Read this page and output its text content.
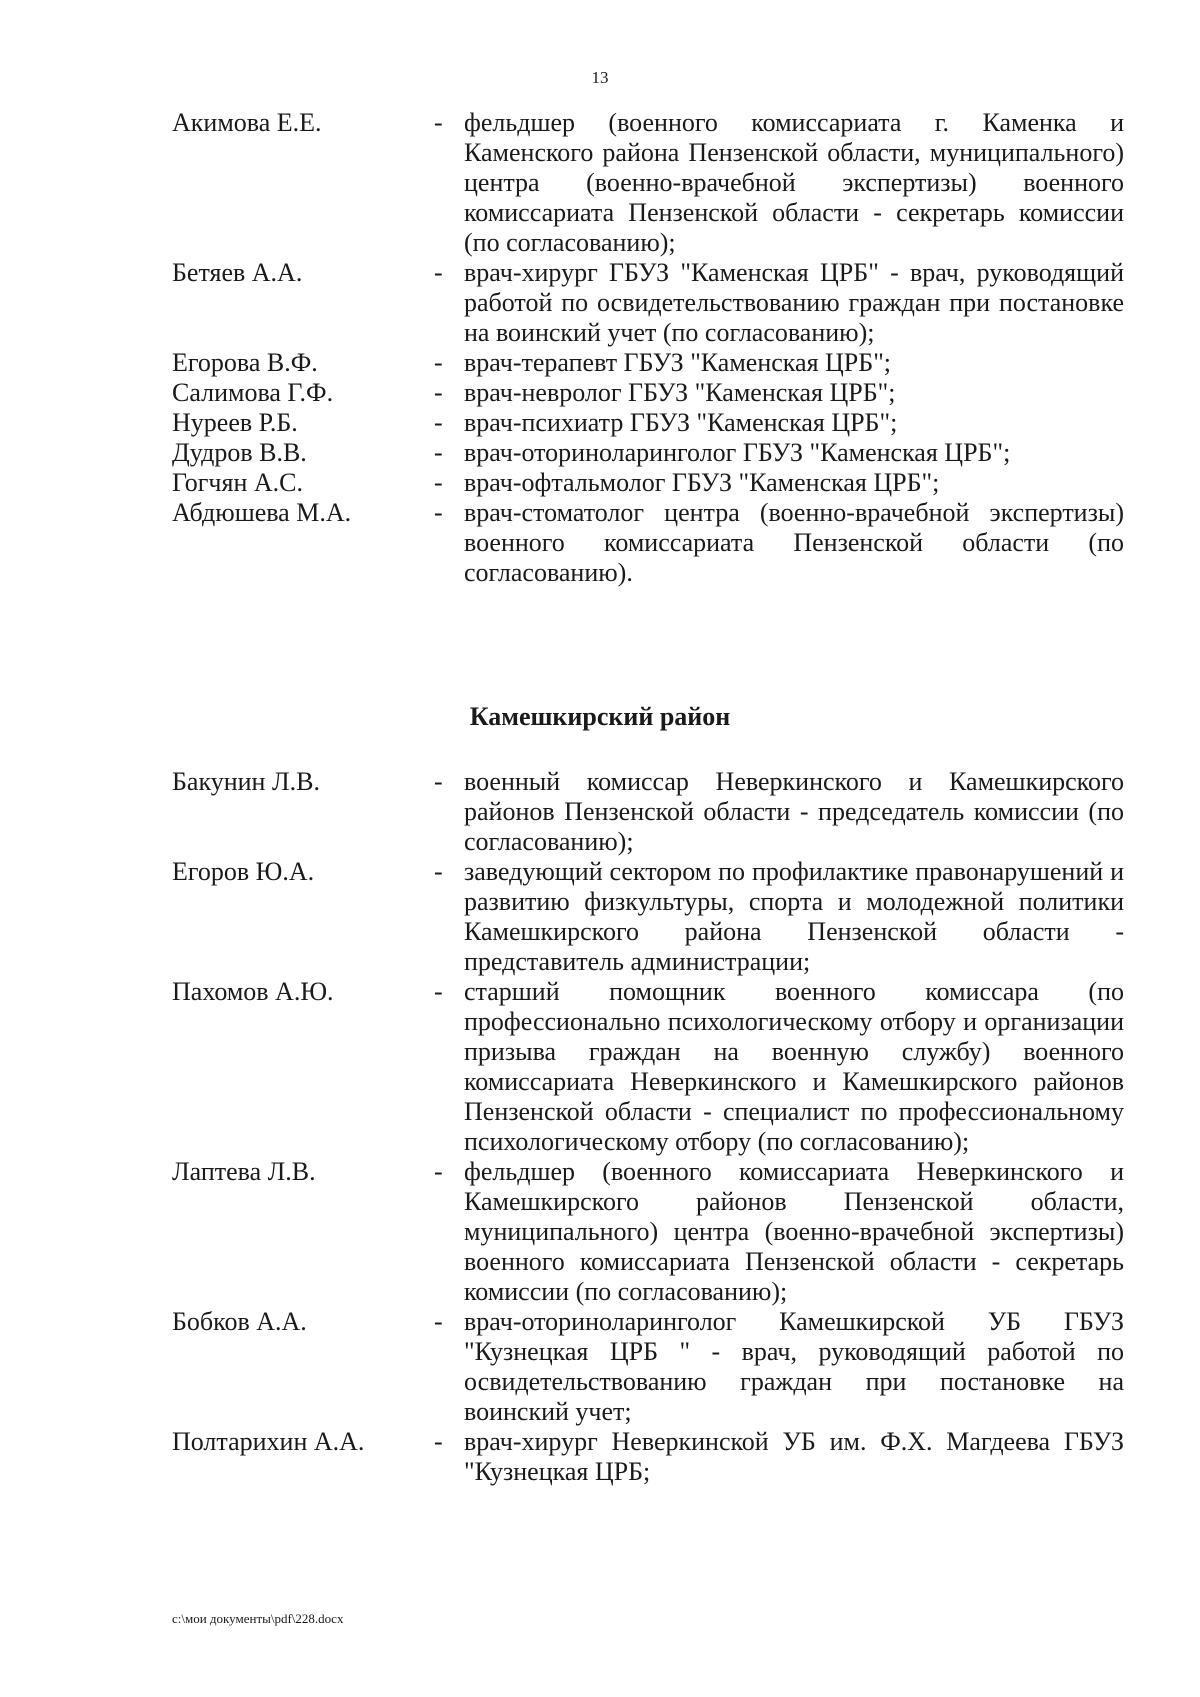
13
Акимова Е.Е.	- фельдшер (военного комиссариата г. Каменка и Каменского района Пензенской области, муниципального) центра (военно-врачебной экспертизы) военного комиссариата Пензенской области - секретарь комиссии (по согласованию);
Бетяев А.А.	- врач-хирург ГБУЗ "Каменская ЦРБ" - врач, руководящий работой по освидетельствованию граждан при постановке на воинский учет (по согласованию);
Егорова В.Ф.	- врач-терапевт ГБУЗ "Каменская ЦРБ";
Салимова Г.Ф.	- врач-невролог ГБУЗ "Каменская ЦРБ";
Нуреев Р.Б.	- врач-психиатр ГБУЗ "Каменская ЦРБ";
Дудров В.В.	- врач-оториноларинголог ГБУЗ "Каменская ЦРБ";
Гогчян А.С.	- врач-офтальмолог ГБУЗ "Каменская ЦРБ";
Абдюшева М.А.	- врач-стоматолог центра (военно-врачебной экспертизы) военного комиссариата Пензенской области (по согласованию).
Камешкирский район
Бакунин Л.В.	- военный комиссар Неверкинского и Камешкирского районов Пензенской области - председатель комиссии (по согласованию);
Егоров Ю.А.	- заведующий сектором по профилактике правонарушений и развитию физкультуры, спорта и молодежной политики Камешкирского района Пензенской области - представитель администрации;
Пахомов А.Ю.	- старший помощник военного комиссара (по профессионально психологическому отбору и организации призыва граждан на военную службу) военного комиссариата Неверкинского и Камешкирского районов Пензенской области - специалист по профессиональному психологическому отбору (по согласованию);
Лаптева Л.В.	- фельдшер (военного комиссариата Неверкинского и Камешкирского районов Пензенской области, муниципального) центра (военно-врачебной экспертизы) военного комиссариата Пензенской области - секретарь комиссии (по согласованию);
Бобков А.А.	- врач-оториноларинголог Камешкирской УБ ГБУЗ "Кузнецкая ЦРБ " - врач, руководящий работой по освидетельствованию граждан при постановке на воинский учет;
Полтарихин А.А.	- врач-хирург Неверкинской УБ им. Ф.Х. Магдеева ГБУЗ "Кузнецкая ЦРБ;
c:\мои документы\pdf\228.docx
